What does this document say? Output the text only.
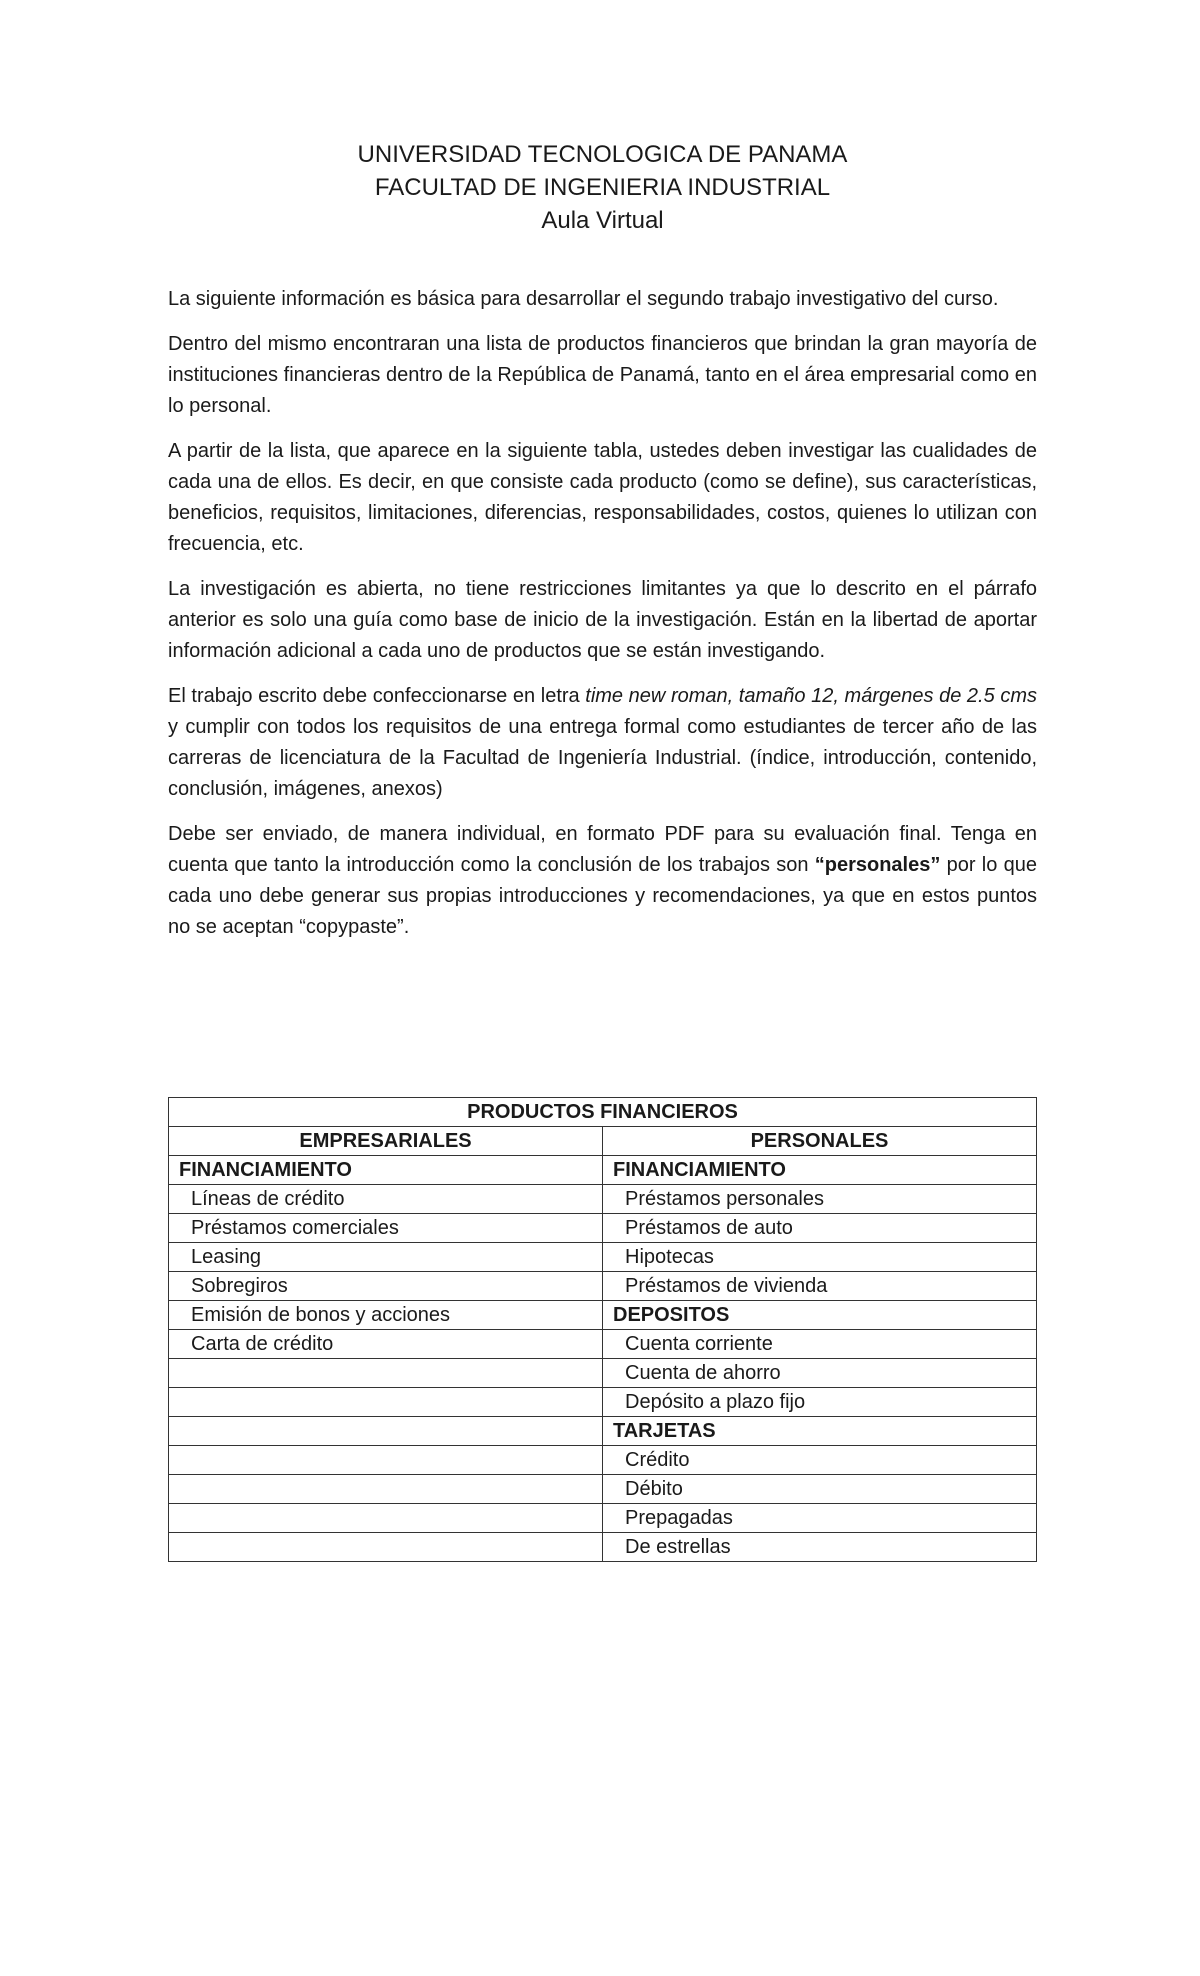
UNIVERSIDAD TECNOLOGICA DE PANAMA
FACULTAD DE INGENIERIA INDUSTRIAL
Aula Virtual

La siguiente información es básica para desarrollar el segundo trabajo investigativo del curso.

Dentro del mismo encontraran una lista de productos financieros que brindan la gran mayoría de instituciones financieras dentro de la República de Panamá, tanto en el área empresarial como en lo personal.

A partir de la lista, que aparece en la siguiente tabla, ustedes deben investigar las cualidades de cada una de ellos. Es decir, en que consiste cada producto (como se define), sus características, beneficios, requisitos, limitaciones, diferencias, responsabilidades, costos, quienes lo utilizan con frecuencia, etc.

La investigación es abierta, no tiene restricciones limitantes ya que lo descrito en el párrafo anterior es solo una guía como base de inicio de la investigación. Están en la libertad de aportar información adicional a cada uno de productos que se están investigando.

El trabajo escrito debe confeccionarse en letra time new roman, tamaño 12, márgenes de 2.5 cms y cumplir con todos los requisitos de una entrega formal como estudiantes de tercer año de las carreras de licenciatura de la Facultad de Ingeniería Industrial. (índice, introducción, contenido, conclusión, imágenes, anexos)

Debe ser enviado, de manera individual, en formato PDF para su evaluación final. Tenga en cuenta que tanto la introducción como la conclusión de los trabajos son “personales” por lo que cada uno debe generar sus propias introducciones y recomendaciones, ya que en estos puntos no se aceptan “copypaste”.

PRODUCTOS FINANCIEROS	
EMPRESARIALES	PERSONALES
FINANCIAMIENTO	FINANCIAMIENTO
Líneas de crédito	Préstamos personales
Préstamos comerciales	Préstamos de auto
Leasing	Hipotecas
Sobregiros	Préstamos de vivienda
Emisión de bonos y acciones	DEPOSITOS
Carta de crédito	Cuenta corriente
	Cuenta de ahorro
	Depósito a plazo fijo
	TARJETAS
	Crédito
	Débito
	Prepagadas
	De estrellas
